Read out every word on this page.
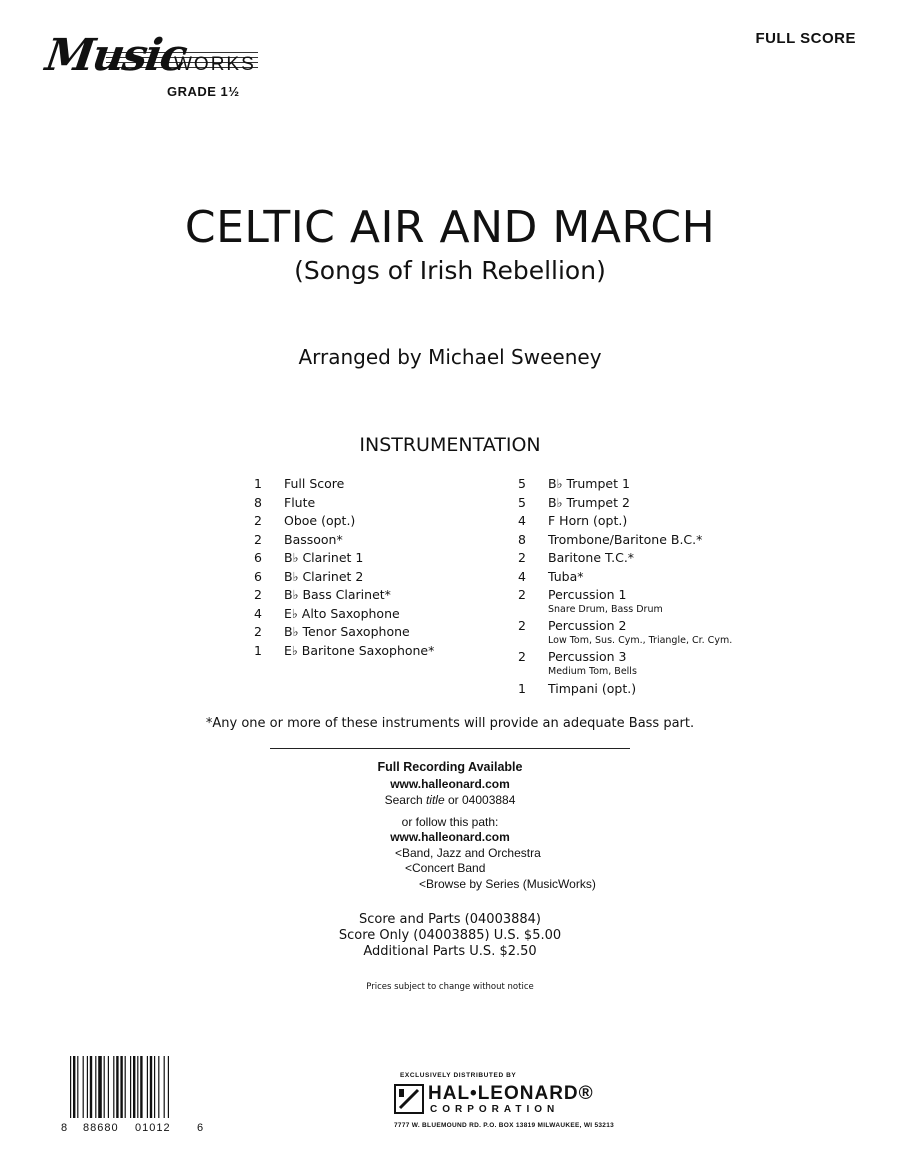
Music
WORKS
GRADE 1½
FULL SCORE
CELTIC AIR AND MARCH
(Songs of Irish Rebellion)
Arranged by Michael Sweeney
INSTRUMENTATION
1	Full Score
8	Flute
2	Oboe (opt.)
2	Bassoon*
6	B♭ Clarinet 1
6	B♭ Clarinet 2
2	B♭ Bass Clarinet*
4	E♭ Alto Saxophone
2	B♭ Tenor Saxophone
1	E♭ Baritone Saxophone*
5	B♭ Trumpet 1
5	B♭ Trumpet 2
4	F Horn (opt.)
8	Trombone/Baritone B.C.*
2	Baritone T.C.*
4	Tuba*
2	Percussion 1
Snare Drum, Bass Drum
2	Percussion 2
Low Tom, Sus. Cym., Triangle, Cr. Cym.
2	Percussion 3
Medium Tom, Bells
1	Timpani (opt.)
*Any one or more of these instruments will provide an adequate Bass part.
Full Recording Available
www.halleonard.com
Search title or 04003884
or follow this path:
www.halleonard.com
<Band, Jazz and Orchestra
<Concert Band
<Browse by Series (MusicWorks)
Score and Parts (04003884)
Score Only (04003885) U.S. $5.00
Additional Parts U.S. $2.50
Prices subject to change without notice
8 88680 01012 6
EXCLUSIVELY DISTRIBUTED BY
HAL•LEONARD®
CORPORATION
7777 W. BLUEMOUND RD. P.O. BOX 13819 MILWAUKEE, WI 53213
